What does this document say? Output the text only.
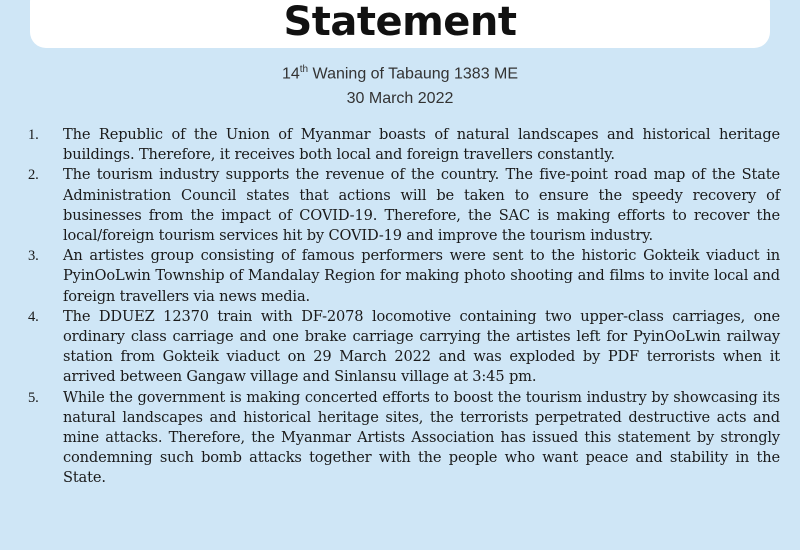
Statement
14th Waning of Tabaung 1383 ME
30 March 2022
1.	The Republic of the Union of Myanmar boasts of natural landscapes and historical heritage buildings. Therefore, it receives both local and foreign travellers constantly.
2.	The tourism industry supports the revenue of the country. The five-point road map of the State Administration Council states that actions will be taken to ensure the speedy recovery of businesses from the impact of COVID-19. Therefore, the SAC is making efforts to recover the local/foreign tourism services hit by COVID-19 and improve the tourism industry.
3.	An artistes group consisting of famous performers were sent to the historic Gokteik viaduct in PyinOoLwin Township of Mandalay Region for making photo shooting and films to invite local and foreign travellers via news media.
4.	The DDUEZ 12370 train with DF-2078 locomotive containing two upper-class carriages, one ordinary class carriage and one brake carriage carrying the artistes left for PyinOoLwin railway station from Gokteik viaduct on 29 March 2022 and was exploded by PDF terrorists when it arrived between Gangaw village and Sinlansu village at 3:45 pm.
5.	While the government is making concerted efforts to boost the tourism industry by showcasing its natural landscapes and historical heritage sites, the terrorists perpetrated destructive acts and mine attacks. Therefore, the Myanmar Artists Association has issued this statement by strongly condemning such bomb attacks together with the people who want peace and stability in the State.
